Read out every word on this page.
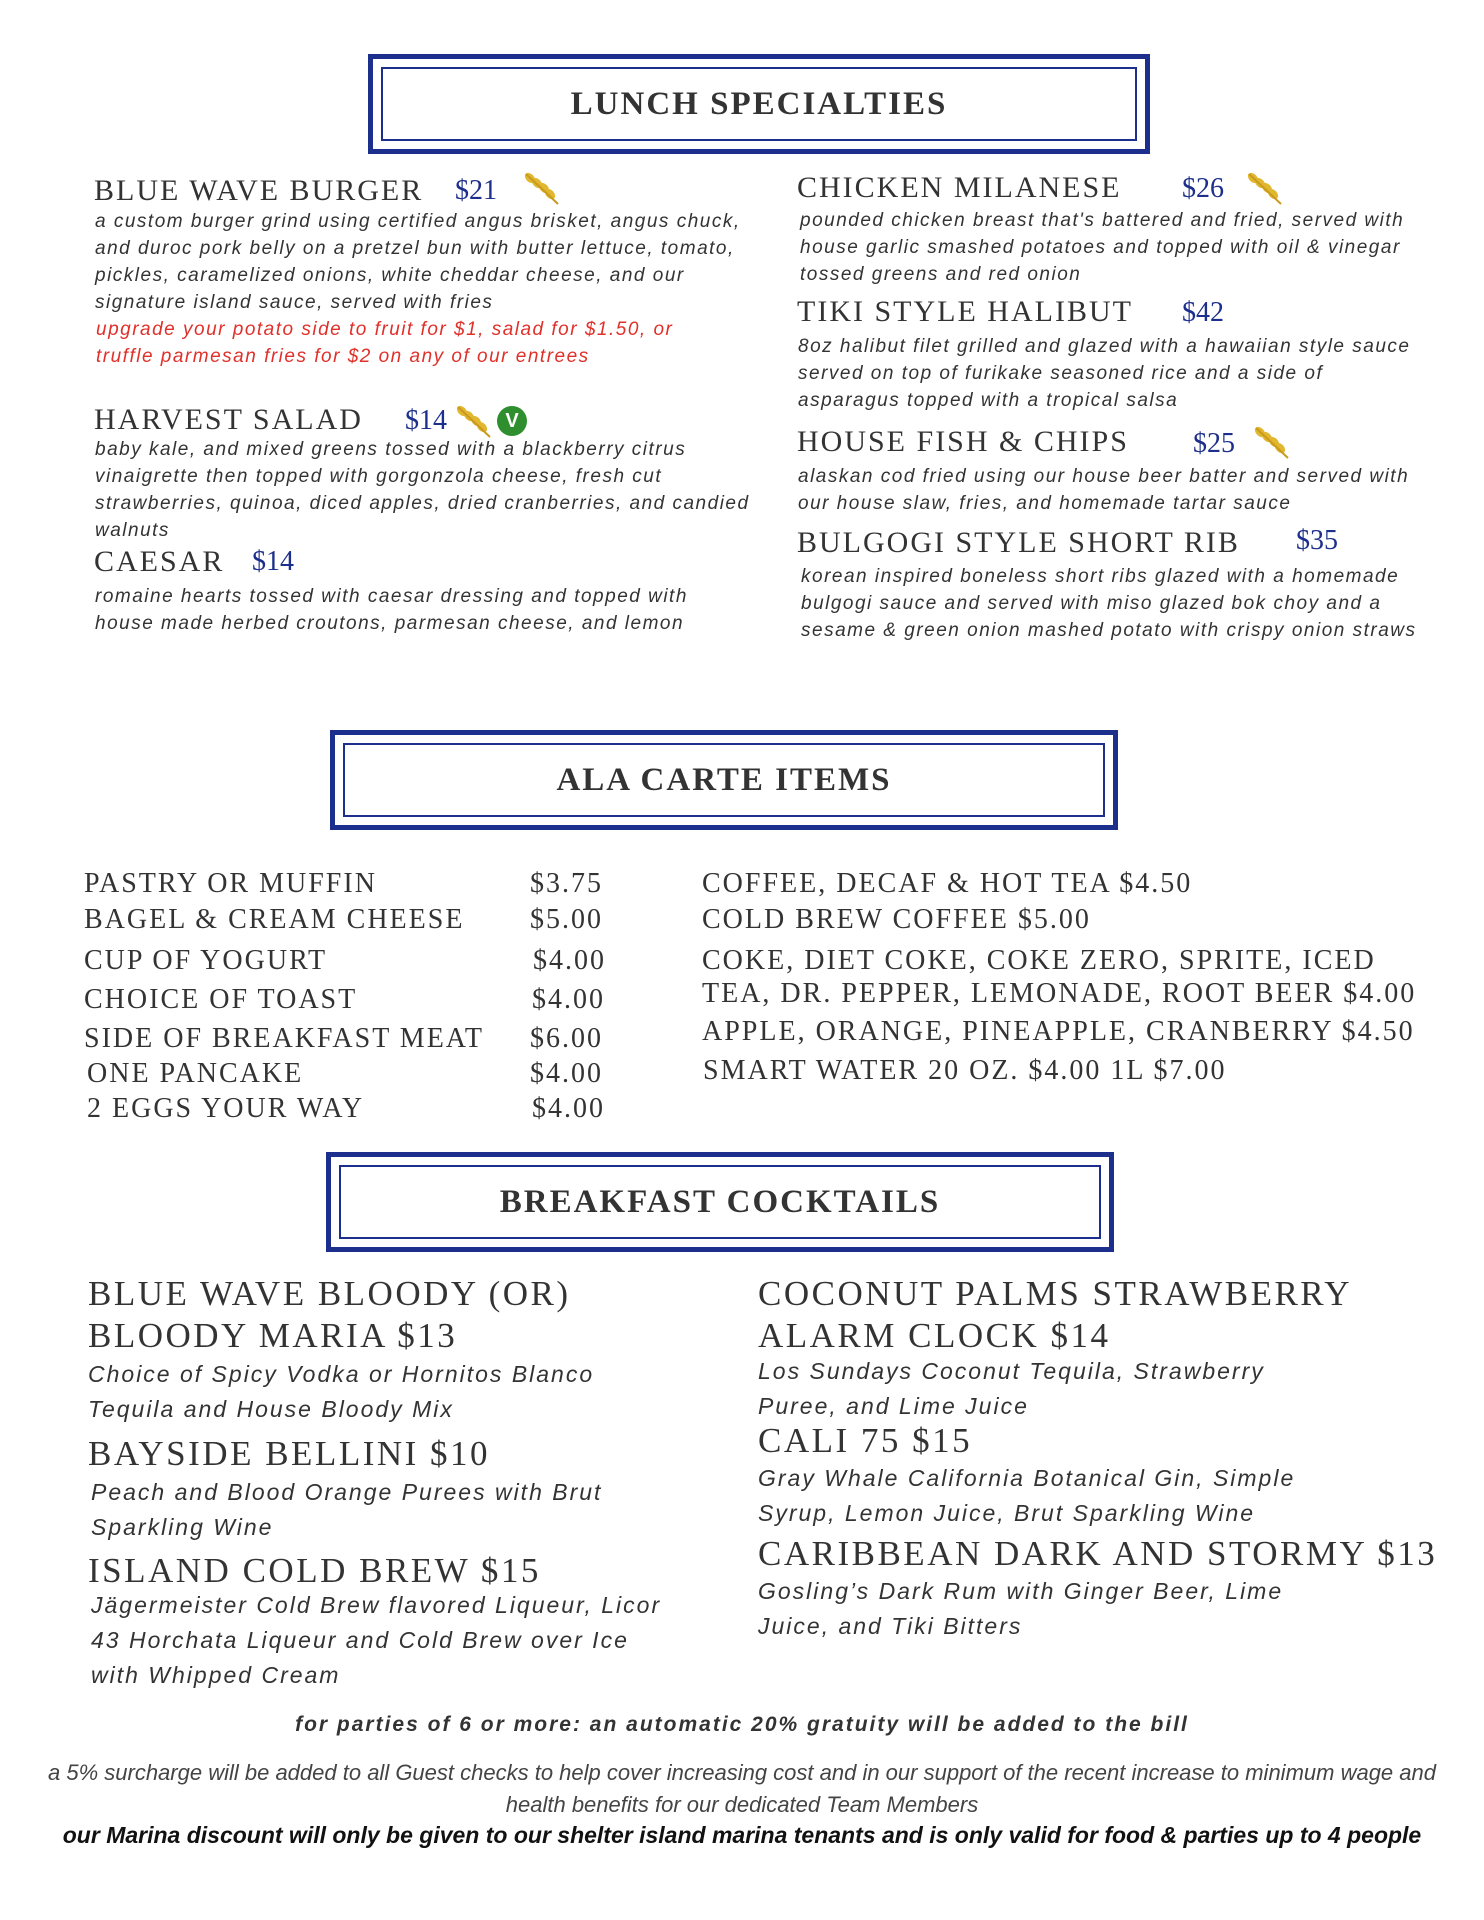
LUNCH SPECIALTIES
BLUE WAVE BURGER $21
a custom burger grind using certified angus brisket, angus chuck, and duroc pork belly on a pretzel bun with butter lettuce, tomato, pickles, caramelized onions, white cheddar cheese, and our signature island sauce, served with fries
upgrade your potato side to fruit for $1, salad for $1.50, or truffle parmesan fries for $2 on any of our entrees
HARVEST SALAD $14	V
baby kale, and mixed greens tossed with a blackberry citrus vinaigrette then topped with gorgonzola cheese, fresh cut strawberries, quinoa, diced apples, dried cranberries, and candied walnuts
CAESAR $14
romaine hearts tossed with caesar dressing and topped with house made herbed croutons, parmesan cheese, and lemon
CHICKEN MILANESE $26
pounded chicken breast that's battered and fried, served with house garlic smashed potatoes and topped with oil & vinegar tossed greens and red onion
TIKI STYLE HALIBUT $42
8oz halibut filet grilled and glazed with a hawaiian style sauce served on top of furikake seasoned rice and a side of asparagus topped with a tropical salsa
HOUSE FISH & CHIPS $25
alaskan cod fried using our house beer batter and served with our house slaw, fries, and homemade tartar sauce
BULGOGI STYLE SHORT RIB $35
korean inspired boneless short ribs glazed with a homemade bulgogi sauce and served with miso glazed bok choy and a sesame & green onion mashed potato with crispy onion straws
ALA CARTE ITEMS
PASTRY OR MUFFIN	$3.75
BAGEL & CREAM CHEESE $5.00
CUP OF YOGURT	$4.00
CHOICE OF TOAST	$4.00
SIDE OF BREAKFAST MEAT $6.00
ONE PANCAKE	$4.00
2 EGGS YOUR WAY	$4.00
COFFEE, DECAF & HOT TEA $4.50
COLD BREW COFFEE $5.00
COKE, DIET COKE, COKE ZERO, SPRITE, ICED
TEA, DR. PEPPER, LEMONADE, ROOT BEER $4.00
APPLE, ORANGE, PINEAPPLE, CRANBERRY $4.50
SMART WATER 20 OZ. $4.00 1L $7.00
BREAKFAST COCKTAILS
BLUE WAVE BLOODY (OR) BLOODY MARIA $13
Choice of Spicy Vodka or Hornitos Blanco Tequila and House Bloody Mix
BAYSIDE BELLINI $10
Peach and Blood Orange Purees with Brut Sparkling Wine
ISLAND COLD BREW $15
Jägermeister Cold Brew flavored Liqueur, Licor 43 Horchata Liqueur and Cold Brew over Ice with Whipped Cream
COCONUT PALMS STRAWBERRY ALARM CLOCK $14
Los Sundays Coconut Tequila, Strawberry Puree, and Lime Juice
CALI 75 $15
Gray Whale California Botanical Gin, Simple Syrup, Lemon Juice, Brut Sparkling Wine
CARIBBEAN DARK AND STORMY $13
Gosling’s Dark Rum with Ginger Beer, Lime Juice, and Tiki Bitters
for parties of 6 or more: an automatic 20% gratuity will be added to the bill
a 5% surcharge will be added to all Guest checks to help cover increasing cost and in our support of the recent increase to minimum wage and health benefits for our dedicated Team Members
our Marina discount will only be given to our shelter island marina tenants and is only valid for food & parties up to 4 people
